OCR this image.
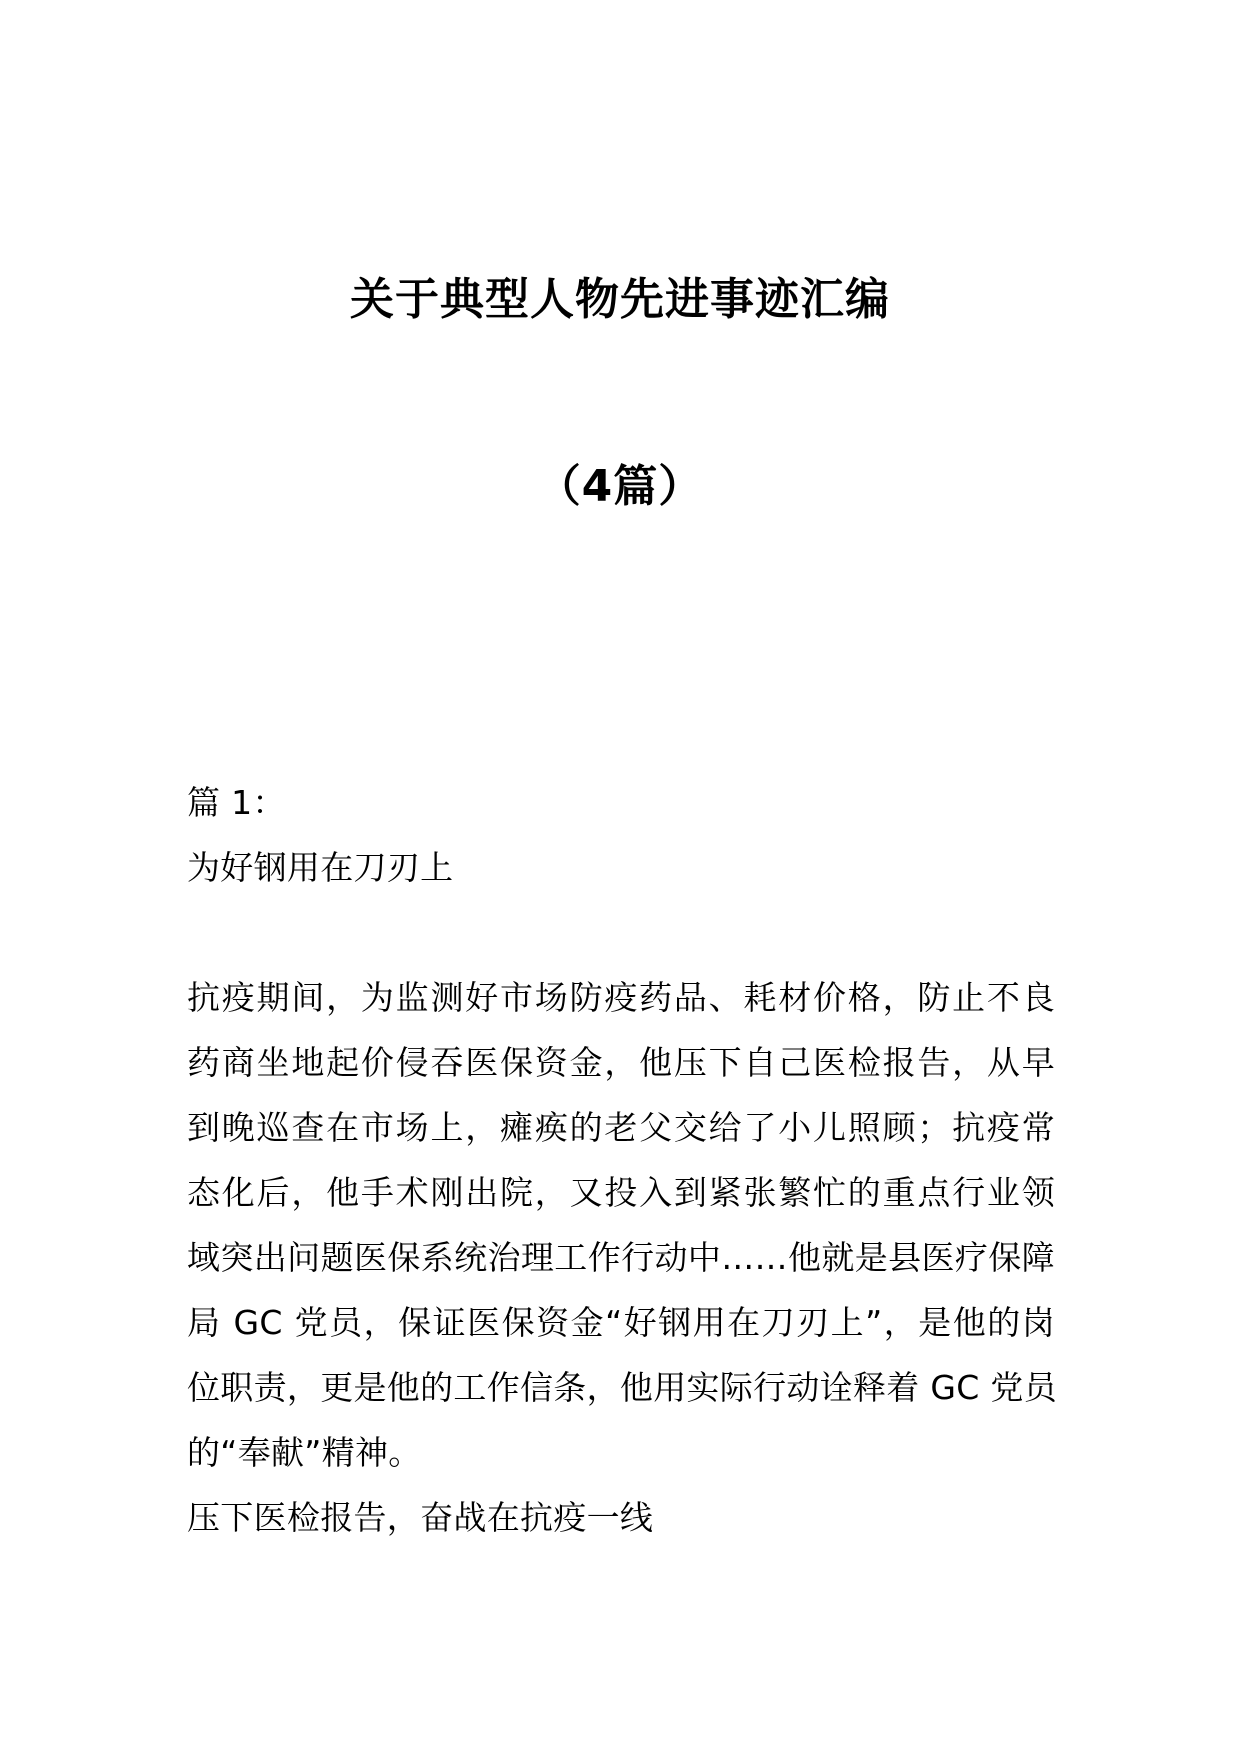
关于典型人物先进事迹汇编
（4篇）
篇 1：
为好钢用在刀刃上
抗疫期间，为监测好市场防疫药品、耗材价格，防止不良
药商坐地起价侵吞医保资金，他压下自己医检报告，从早
到晚巡查在市场上，瘫痪的老父交给了小儿照顾；抗疫常
态化后，他手术刚出院，又投入到紧张繁忙的重点行业领
域突出问题医保系统治理工作行动中……他就是县医疗保障
局 GC 党员，保证医保资金“好钢用在刀刃上”，是他的岗
位职责，更是他的工作信条，他用实际行动诠释着 GC 党员
的“奉献”精神。
压下医检报告，奋战在抗疫一线
